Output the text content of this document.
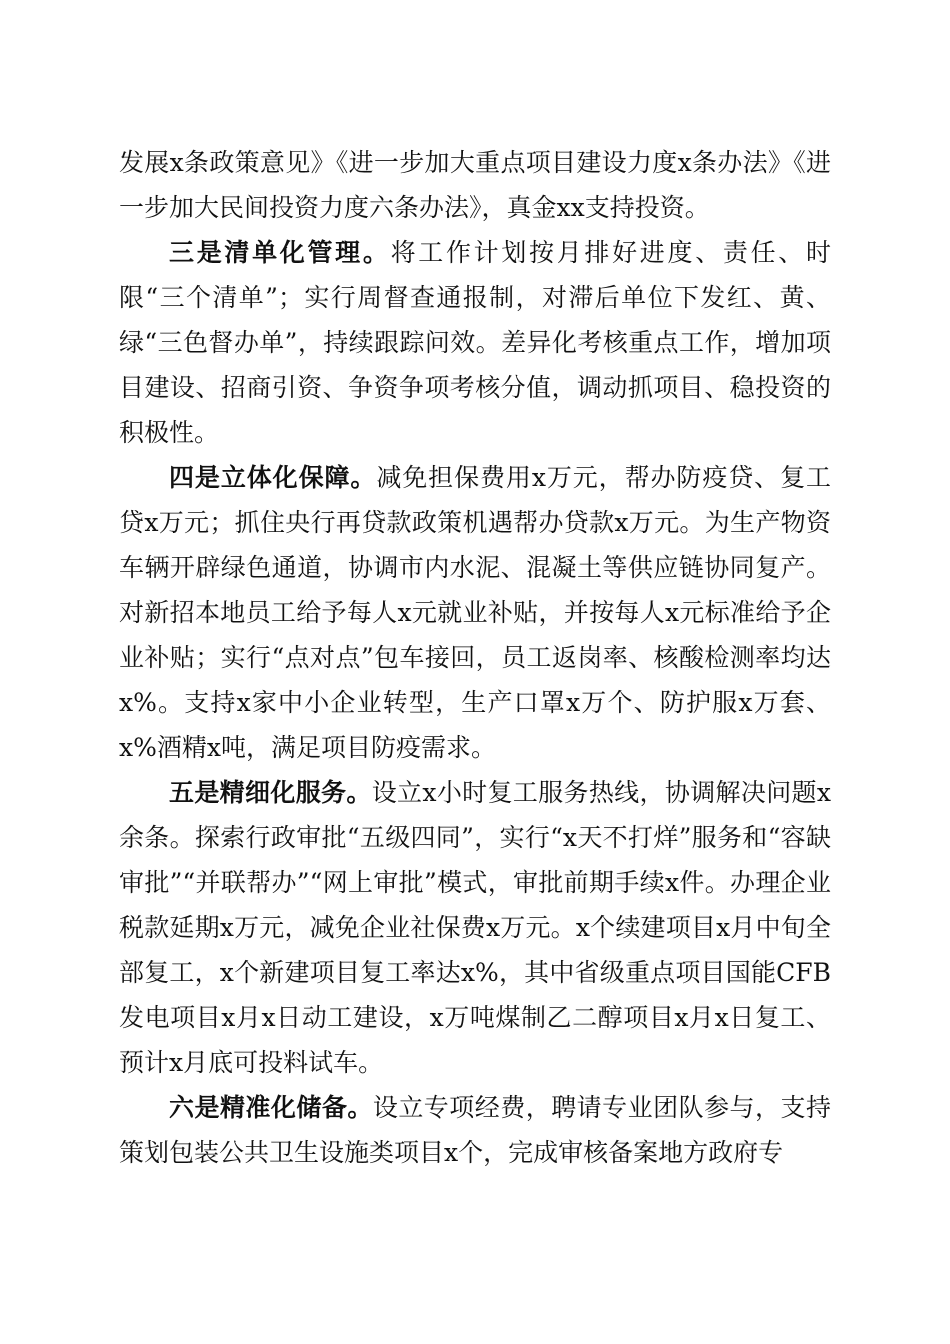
发展x条政策意见》《进一步加大重点项目建设力度x条办法》《进一步加大民间投资力度六条办法》，真金xx支持投资。

三是清单化管理。将工作计划按月排好进度、责任、时限“三个清单”；实行周督查通报制，对滞后单位下发红、黄、绿“三色督办单”，持续跟踪问效。差异化考核重点工作，增加项目建设、招商引资、争资争项考核分值，调动抓项目、稳投资的积极性。

四是立体化保障。减免担保费用x万元，帮办防疫贷、复工贷x万元；抓住央行再贷款政策机遇帮办贷款x万元。为生产物资车辆开辟绿色通道，协调市内水泥、混凝土等供应链协同复产。对新招本地员工给予每人x元就业补贴，并按每人x元标准给予企业补贴；实行“点对点”包车接回，员工返岗率、核酸检测率均达x%。支持x家中小企业转型，生产口罩x万个、防护服x万套、x%酒精x吨，满足项目防疫需求。

五是精细化服务。设立x小时复工服务热线，协调解决问题x余条。探索行政审批“五级四同”，实行“x天不打烊”服务和“容缺审批”“并联帮办”“网上审批”模式，审批前期手续x件。办理企业税款延期x万元，减免企业社保费x万元。x个续建项目x月中旬全部复工，x个新建项目复工率达x%，其中省级重点项目国能CFB发电项目x月x日动工建设，x万吨煤制乙二醇项目x月x日复工、预计x月底可投料试车。

六是精准化储备。设立专项经费，聘请专业团队参与，支持策划包装公共卫生设施类项目x个，完成审核备案地方政府专
